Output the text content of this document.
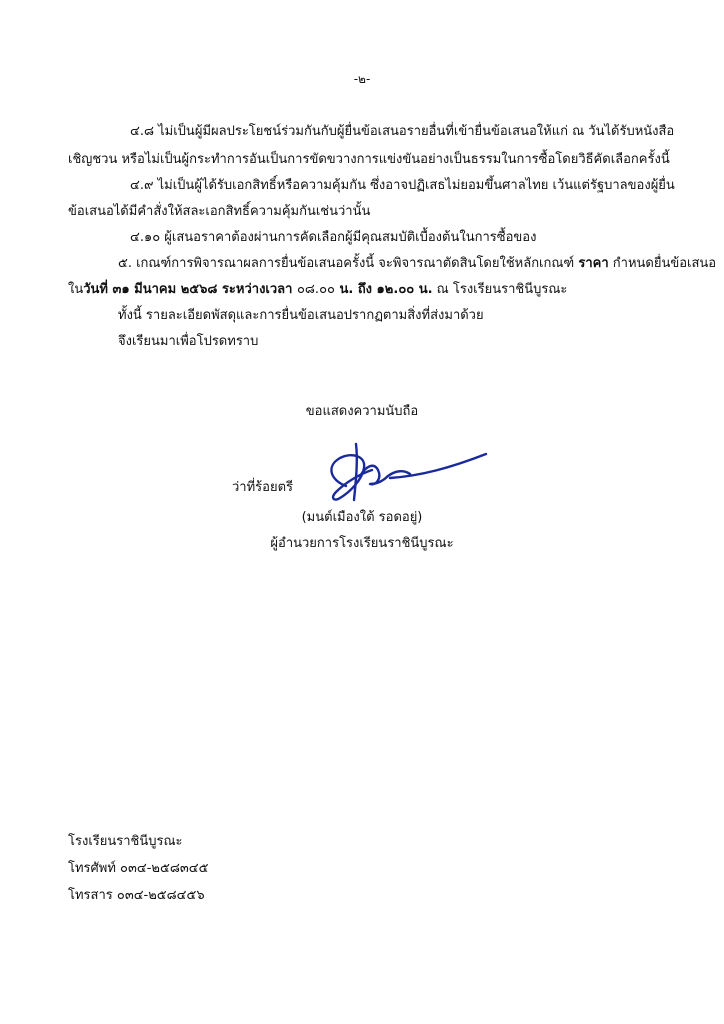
-๒-
๔.๘ ไม่เป็นผู้มีผลประโยชน์ร่วมกันกับผู้ยื่นข้อเสนอรายอื่นที่เข้ายื่นข้อเสนอให้แก่ ณ วันได้รับหนังสือ
เชิญชวน หรือไม่เป็นผู้กระทำการอันเป็นการขัดขวางการแข่งขันอย่างเป็นธรรมในการซื้อโดยวิธีคัดเลือกครั้งนี้
๔.๙ ไม่เป็นผู้ได้รับเอกสิทธิ์หรือความคุ้มกัน ซึ่งอาจปฏิเสธไม่ยอมขึ้นศาลไทย เว้นแต่รัฐบาลของผู้ยื่น
ข้อเสนอได้มีคำสั่งให้สละเอกสิทธิ์ความคุ้มกันเช่นว่านั้น
๔.๑๐ ผู้เสนอราคาต้องผ่านการคัดเลือกผู้มีคุณสมบัติเบื้องต้นในการซื้อของ
๕. เกณฑ์การพิจารณาผลการยื่นข้อเสนอครั้งนี้ จะพิจารณาตัดสินโดยใช้หลักเกณฑ์ ราคา กำหนดยื่นข้อเสนอ
ในวันที่ ๓๑ มีนาคม ๒๕๖๘ ระหว่างเวลา ๐๘.๐๐ น. ถึง ๑๒.๐๐ น. ณ โรงเรียนราชินีบูรณะ
ทั้งนี้ รายละเอียดพัสดุและการยื่นข้อเสนอปรากฏตามสิ่งที่ส่งมาด้วย
จึงเรียนมาเพื่อโปรดทราบ
ขอแสดงความนับถือ
ว่าที่ร้อยตรี
(มนต์เมืองใต้ รอดอยู่)
ผู้อำนวยการโรงเรียนราชินีบูรณะ
โรงเรียนราชินีบูรณะ
โทรศัพท์ ๐๓๔-๒๕๘๓๔๕
โทรสาร ๐๓๔-๒๕๘๔๕๖
